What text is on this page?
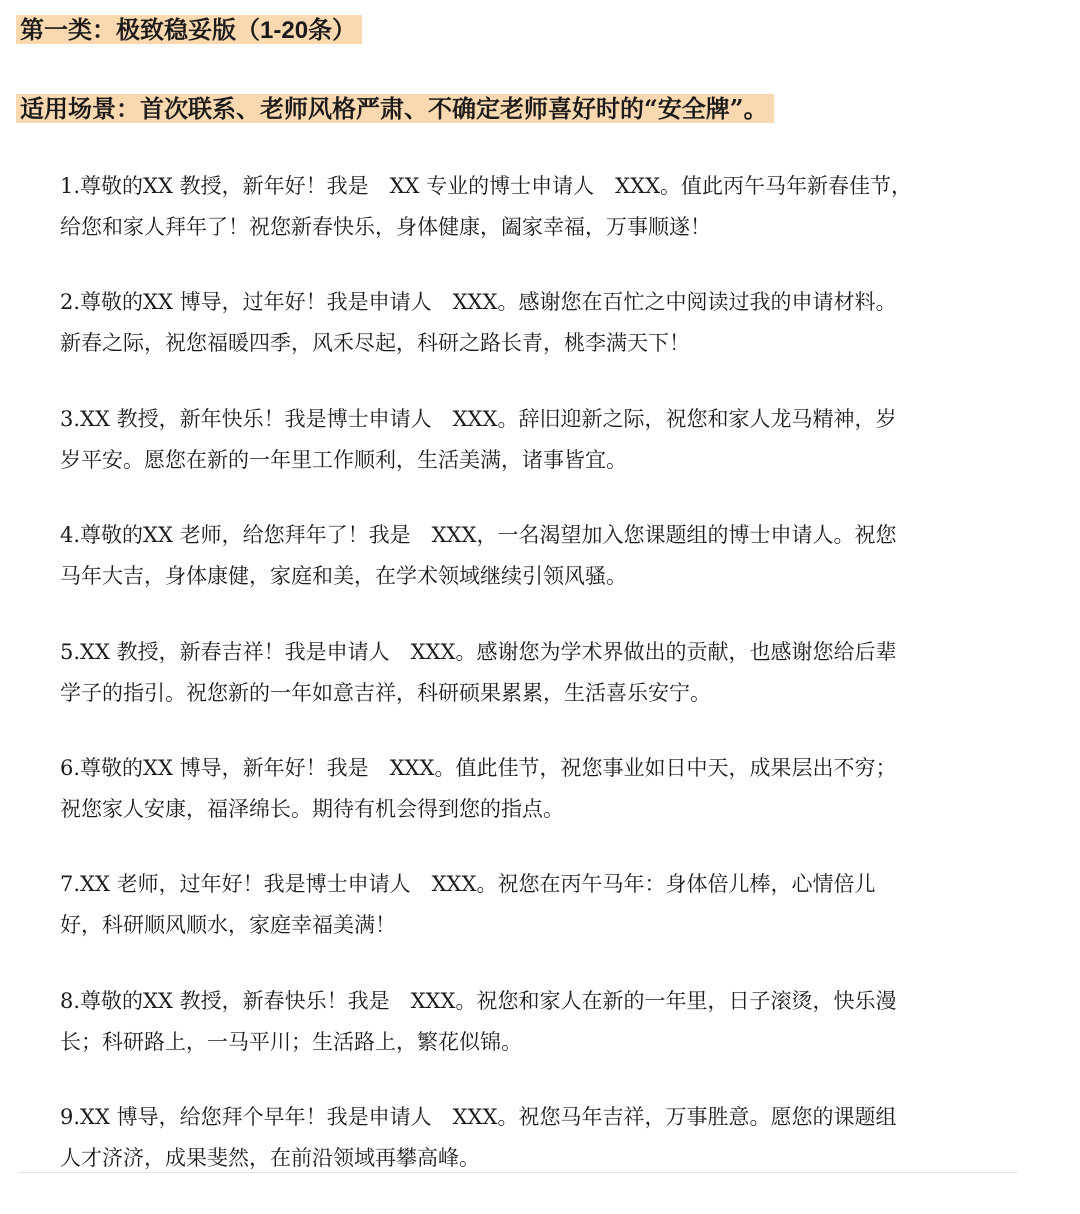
第一类：极致稳妥版（1-20条）
适用场景：首次联系、老师风格严肃、不确定老师喜好时的“安全牌”。
1.尊敬的XX 教授，新年好！我是　XX 专业的博士申请人　XXX。值此丙午马年新春佳节，
给您和家人拜年了！祝您新春快乐，身体健康，阖家幸福，万事顺遂！
2.尊敬的XX 博导，过年好！我是申请人　XXX。感谢您在百忙之中阅读过我的申请材料。
新春之际，祝您福暖四季，风禾尽起，科研之路长青，桃李满天下！
3.XX 教授，新年快乐！我是博士申请人　XXX。辞旧迎新之际，祝您和家人龙马精神，岁
岁平安。愿您在新的一年里工作顺利，生活美满，诸事皆宜。
4.尊敬的XX 老师，给您拜年了！我是　XXX，一名渴望加入您课题组的博士申请人。祝您
马年大吉，身体康健，家庭和美，在学术领域继续引领风骚。
5.XX 教授，新春吉祥！我是申请人　XXX。感谢您为学术界做出的贡献，也感谢您给后辈
学子的指引。祝您新的一年如意吉祥，科研硕果累累，生活喜乐安宁。
6.尊敬的XX 博导，新年好！我是　XXX。值此佳节，祝您事业如日中天，成果层出不穷；
祝您家人安康，福泽绵长。期待有机会得到您的指点。
7.XX 老师，过年好！我是博士申请人　XXX。祝您在丙午马年：身体倍儿棒，心情倍儿
好，科研顺风顺水，家庭幸福美满！
8.尊敬的XX 教授，新春快乐！我是　XXX。祝您和家人在新的一年里，日子滚烫，快乐漫
长；科研路上，一马平川；生活路上，繁花似锦。
9.XX 博导，给您拜个早年！我是申请人　XXX。祝您马年吉祥，万事胜意。愿您的课题组
人才济济，成果斐然，在前沿领域再攀高峰。
